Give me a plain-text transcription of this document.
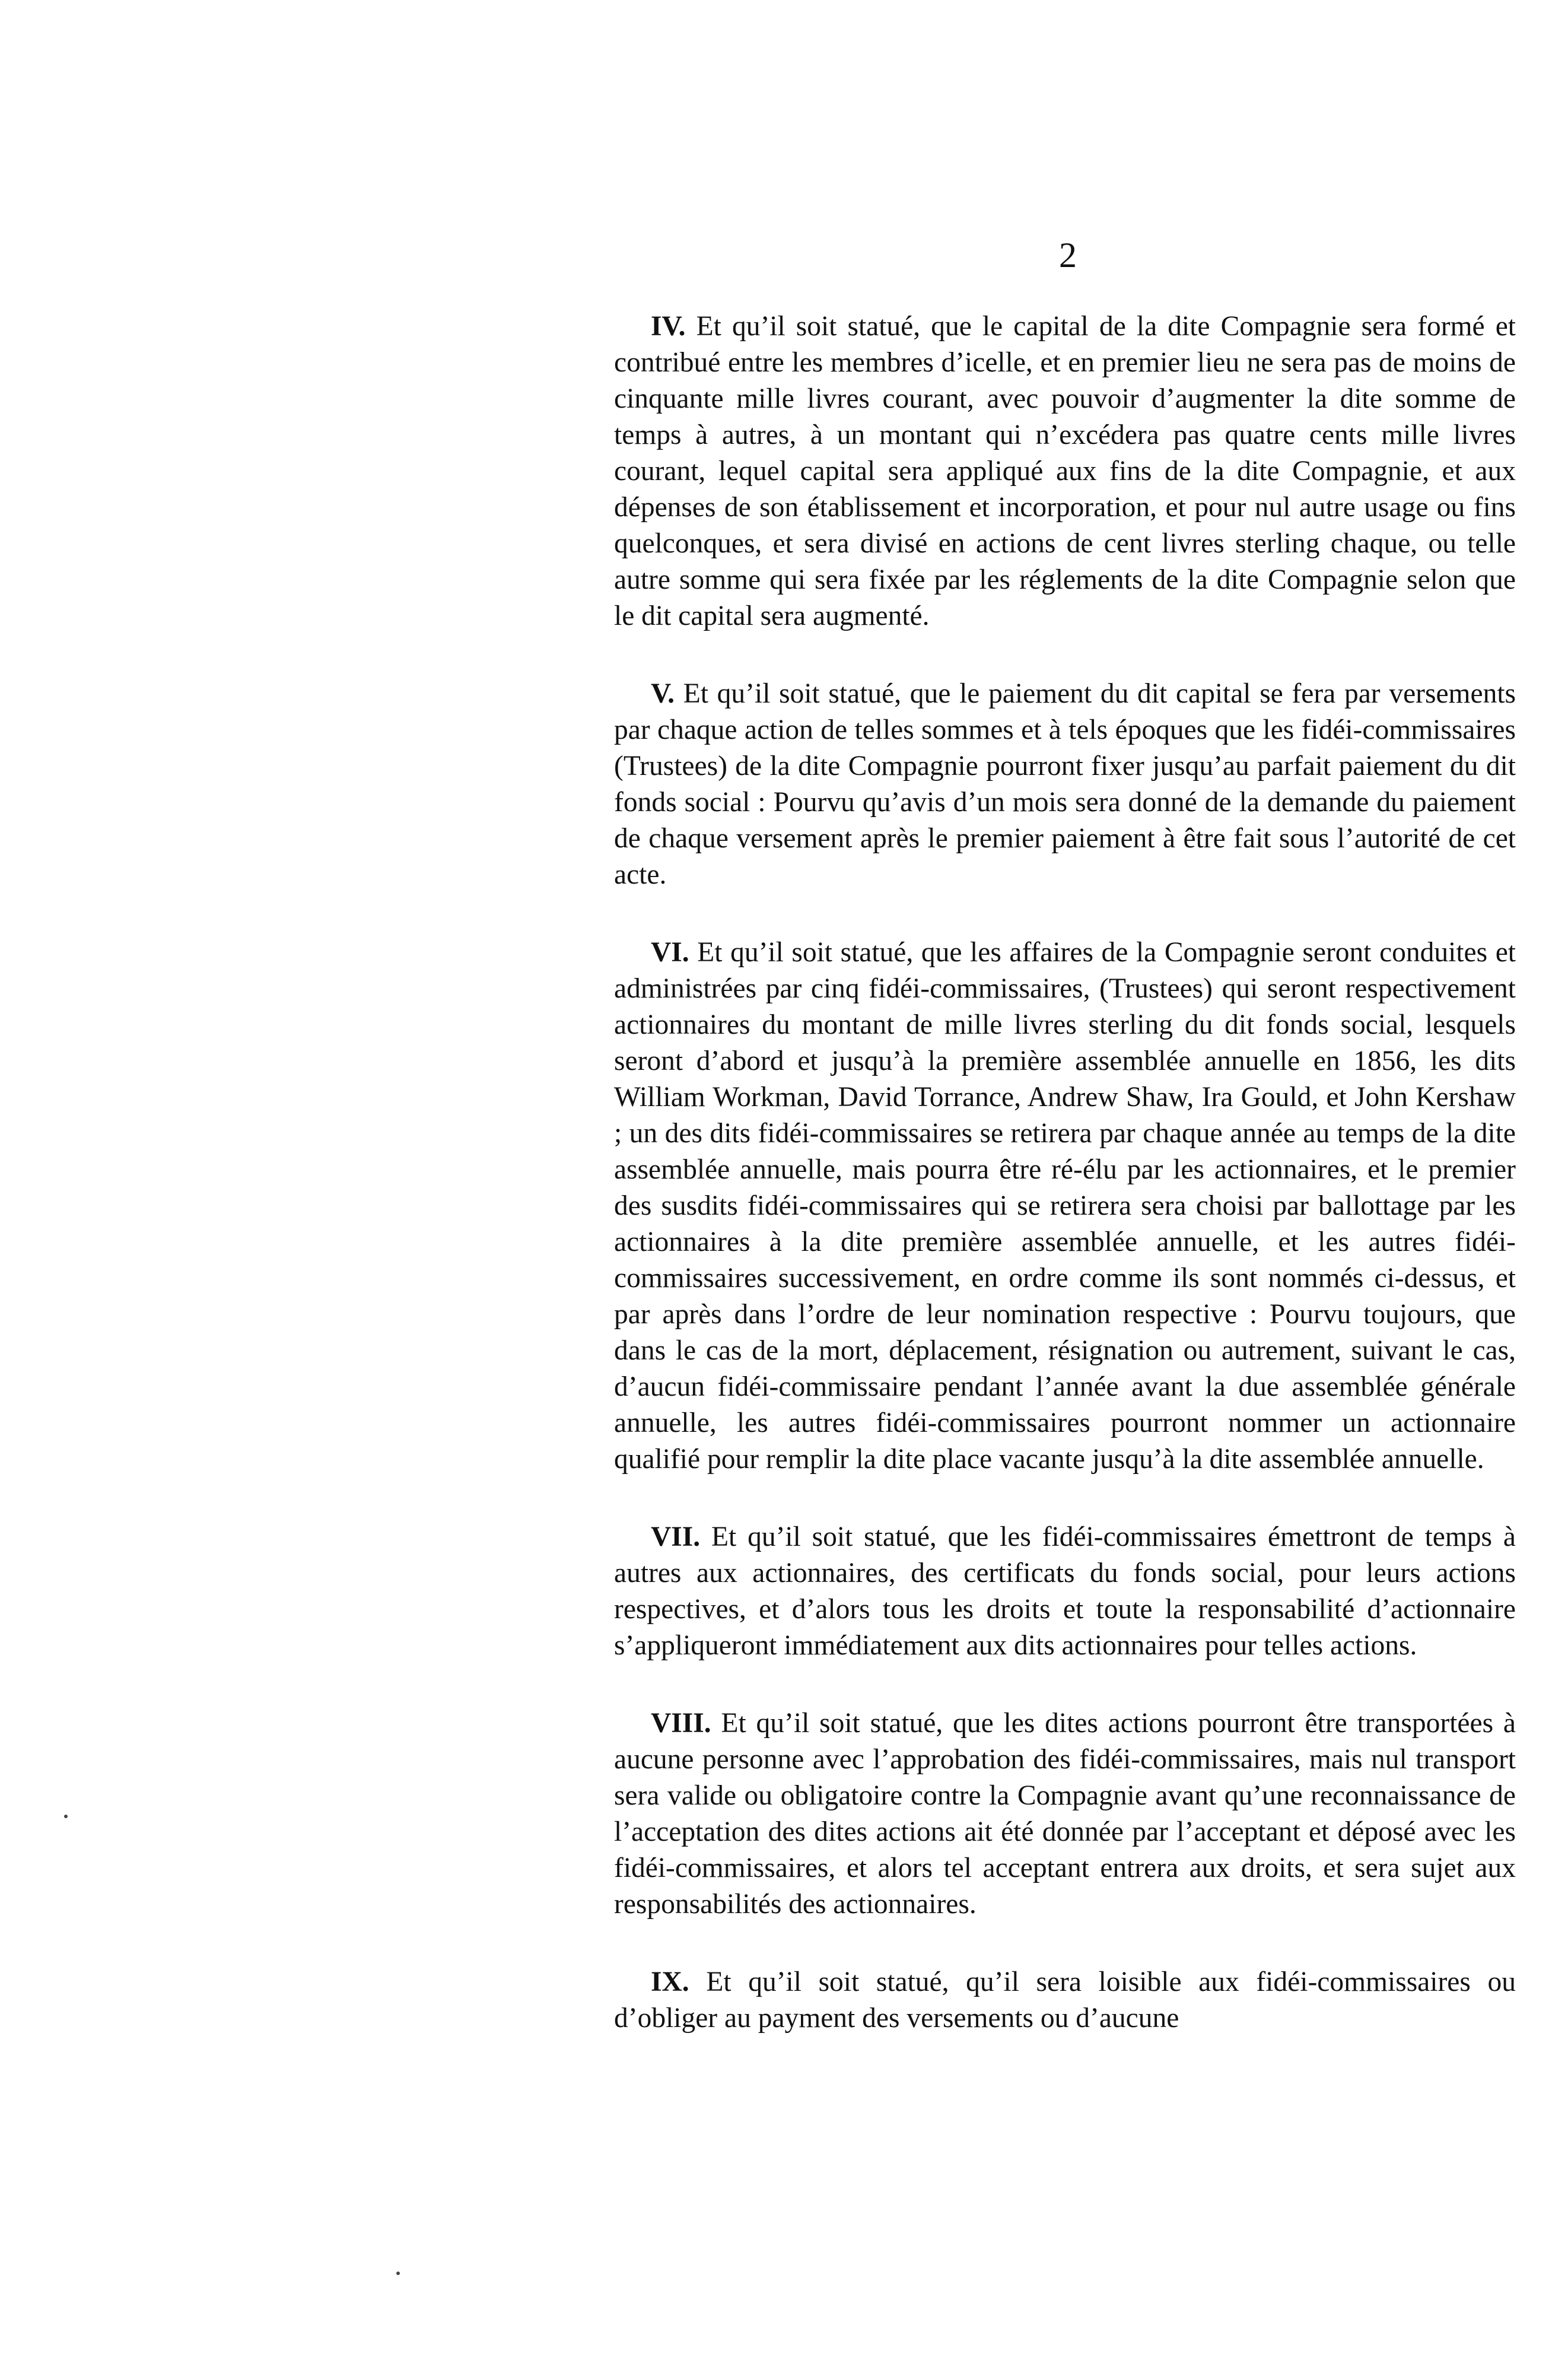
2

IV. Et qu’il soit statué, que le capital de la dite Compagnie sera formé et contribué entre les membres d’icelle, et en premier lieu ne sera pas de moins de cinquante mille livres courant, avec pouvoir d’augmenter la dite somme de temps à autres, à un montant qui n’excédera pas quatre cents mille livres courant, lequel capital sera appliqué aux fins de la dite Compagnie, et aux dépenses de son établissement et incorporation, et pour nul autre usage ou fins quelconques, et sera divisé en actions de cent livres sterling chaque, ou telle autre somme qui sera fixée par les réglements de la dite Compagnie selon que le dit capital sera augmenté.

V. Et qu’il soit statué, que le paiement du dit capital se fera par versements par chaque action de telles sommes et à tels époques que les fidéi-commissaires (Trustees) de la dite Compagnie pourront fixer jusqu’au parfait paiement du dit fonds social : Pourvu qu’avis d’un mois sera donné de la demande du paiement de chaque versement après le premier paiement à être fait sous l’autorité de cet acte.

VI. Et qu’il soit statué, que les affaires de la Compagnie seront conduites et administrées par cinq fidéi-commissaires, (Trustees) qui seront respectivement actionnaires du montant de mille livres sterling du dit fonds social, lesquels seront d’abord et jusqu’à la première assemblée annuelle en 1856, les dits William Workman, David Torrance, Andrew Shaw, Ira Gould, et John Kershaw ; un des dits fidéi-commissaires se retirera par chaque année au temps de la dite assemblée annuelle, mais pourra être ré-élu par les actionnaires, et le premier des susdits fidéi-commissaires qui se retirera sera choisi par ballottage par les actionnaires à la dite première assemblée annuelle, et les autres fidéi-commissaires successivement, en ordre comme ils sont nommés ci-dessus, et par après dans l’ordre de leur nomination respective : Pourvu toujours, que dans le cas de la mort, déplacement, résignation ou autrement, suivant le cas, d’aucun fidéi-commissaire pendant l’année avant la due assemblée générale annuelle, les autres fidéi-commissaires pourront nommer un actionnaire qualifié pour remplir la dite place vacante jusqu’à la dite assemblée annuelle.

VII. Et qu’il soit statué, que les fidéi-commissaires émettront de temps à autres aux actionnaires, des certificats du fonds social, pour leurs actions respectives, et d’alors tous les droits et toute la responsabilité d’actionnaire s’appliqueront immédiatement aux dits actionnaires pour telles actions.

VIII. Et qu’il soit statué, que les dites actions pourront être transportées à aucune personne avec l’approbation des fidéi-commissaires, mais nul transport sera valide ou obligatoire contre la Compagnie avant qu’une reconnaissance de l’acceptation des dites actions ait été donnée par l’acceptant et déposé avec les fidéi-commissaires, et alors tel acceptant entrera aux droits, et sera sujet aux responsabilités des actionnaires.

IX. Et qu’il soit statué, qu’il sera loisible aux fidéi-commissaires ou d’obliger au payment des versements ou d’aucune
